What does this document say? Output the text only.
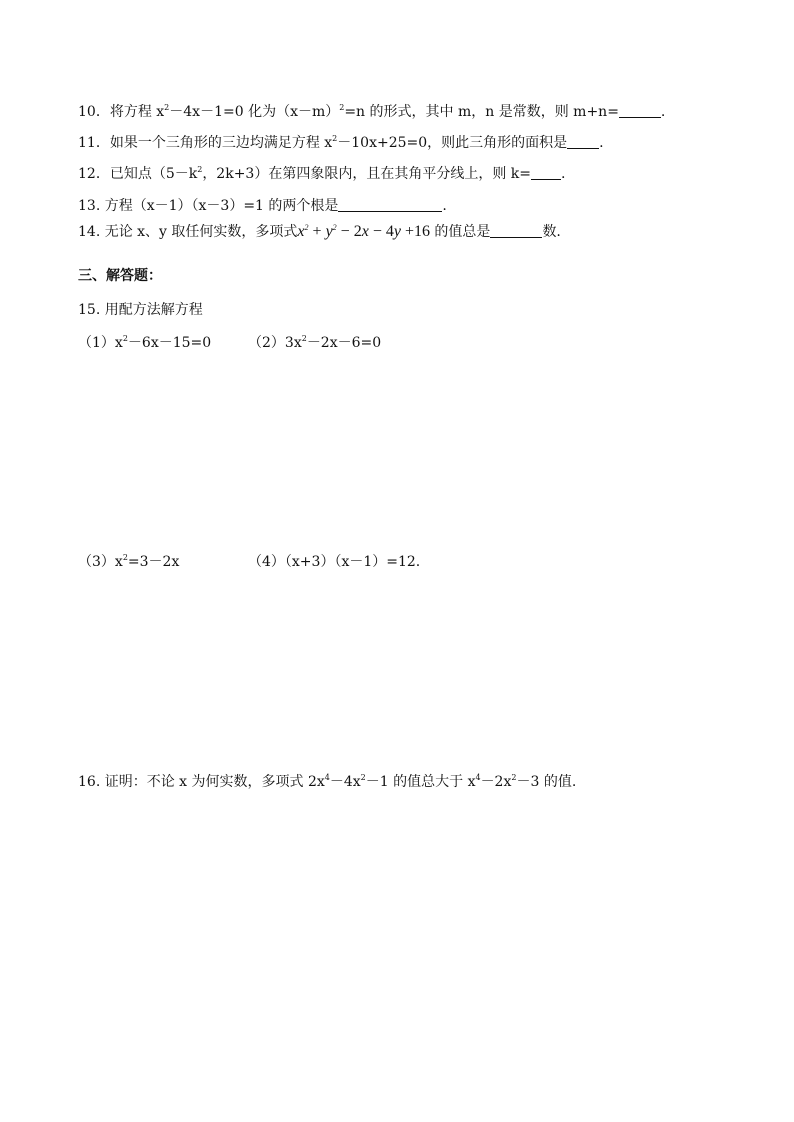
10．将方程 $x^2-4x-1=0$ 化为$(x-m)^2=n$ 的形式，其中 m，n 是常数，则 m+n=	.
11．如果一个三角形的三边均满足方程 $x^2-10x+25=0$，则此三角形的面积是 .
12．已知点（$5-k^2$，2k+3）在第四象限内，且在其角平分线上，则 k= .
13. 方程（x－1）（x－3）=1 的两个根是	.
14. 无论 x、y 取任何实数，多项式$x^2 + y^2 - 2x - 4y +16$ 的值总是	数.
三、解答题：
15. 用配方法解方程
$(1)x^2-6x-15=0$	$(2)3x^2-2x-6=0$
$(3)x^2=3-2x$	（4）（x+3）（x－1）=12.
16. 证明：不论 x 为何实数，多项式 $2x^4-4x^2-1$ 的值总大于 $x^4-2x^2-3$ 的值.
